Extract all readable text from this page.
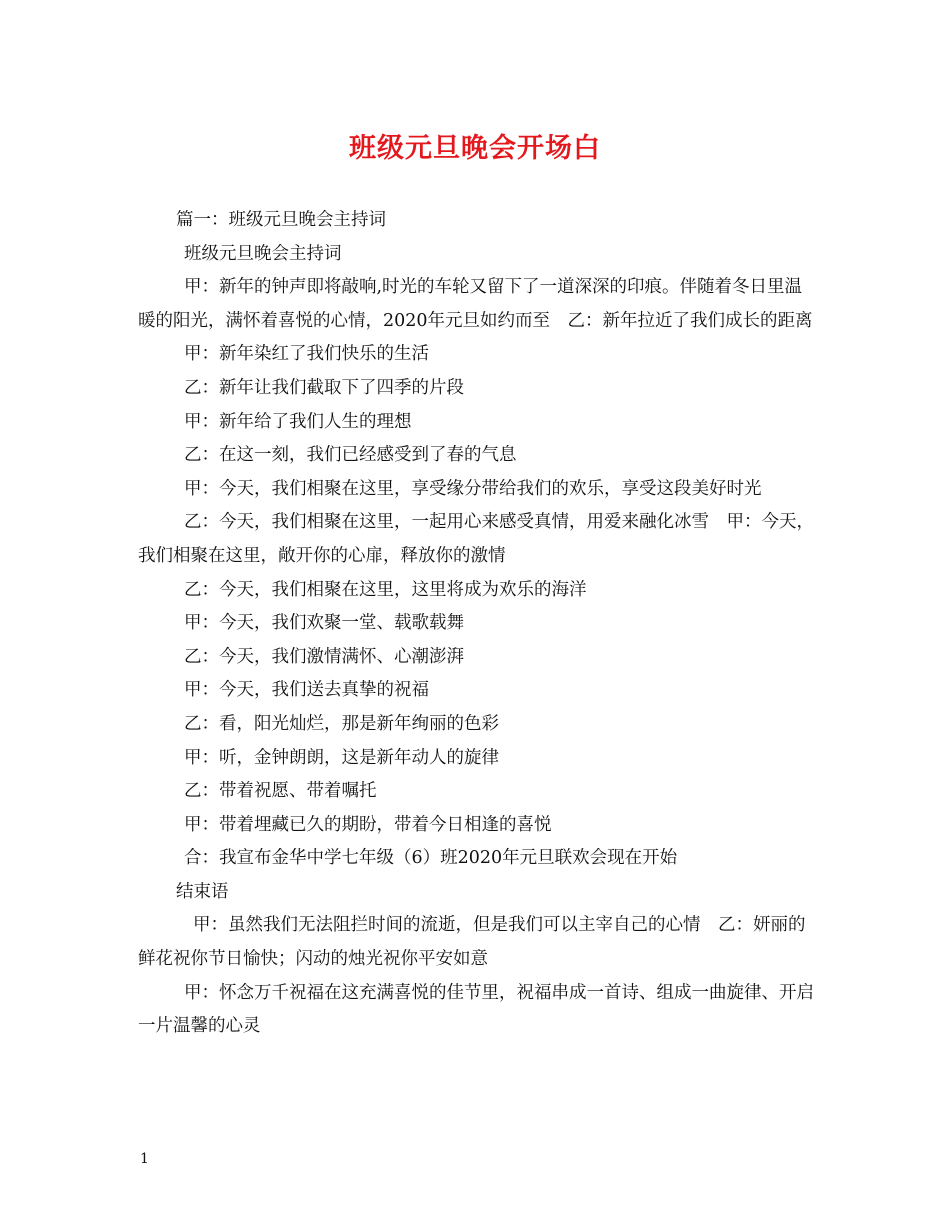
班级元旦晚会开场白

篇一：班级元旦晚会主持词

班级元旦晚会主持词

甲：新年的钟声即将敲响,时光的车轮又留下了一道深深的印痕。伴随着冬日里温暖的阳光，满怀着喜悦的心情，2020年元旦如约而至　乙：新年拉近了我们成长的距离

甲：新年染红了我们快乐的生活

乙：新年让我们截取下了四季的片段

甲：新年给了我们人生的理想

乙：在这一刻，我们已经感受到了春的气息

甲：今天，我们相聚在这里，享受缘分带给我们的欢乐，享受这段美好时光

乙：今天，我们相聚在这里，一起用心来感受真情，用爱来融化冰雪　甲：今天，我们相聚在这里，敞开你的心扉，释放你的激情

乙：今天，我们相聚在这里，这里将成为欢乐的海洋

甲：今天，我们欢聚一堂、载歌载舞

乙：今天，我们激情满怀、心潮澎湃

甲：今天，我们送去真挚的祝福

乙：看，阳光灿烂，那是新年绚丽的色彩

甲：听，金钟朗朗，这是新年动人的旋律

乙：带着祝愿、带着嘱托

甲：带着埋藏已久的期盼，带着今日相逢的喜悦

合：我宣布金华中学七年级（6）班2020年元旦联欢会现在开始

结束语

甲：虽然我们无法阻拦时间的流逝，但是我们可以主宰自己的心情　乙：妍丽的鲜花祝你节日愉快；闪动的烛光祝你平安如意

甲：怀念万千祝福在这充满喜悦的佳节里，祝福串成一首诗、组成一曲旋律、开启一片温馨的心灵

1
